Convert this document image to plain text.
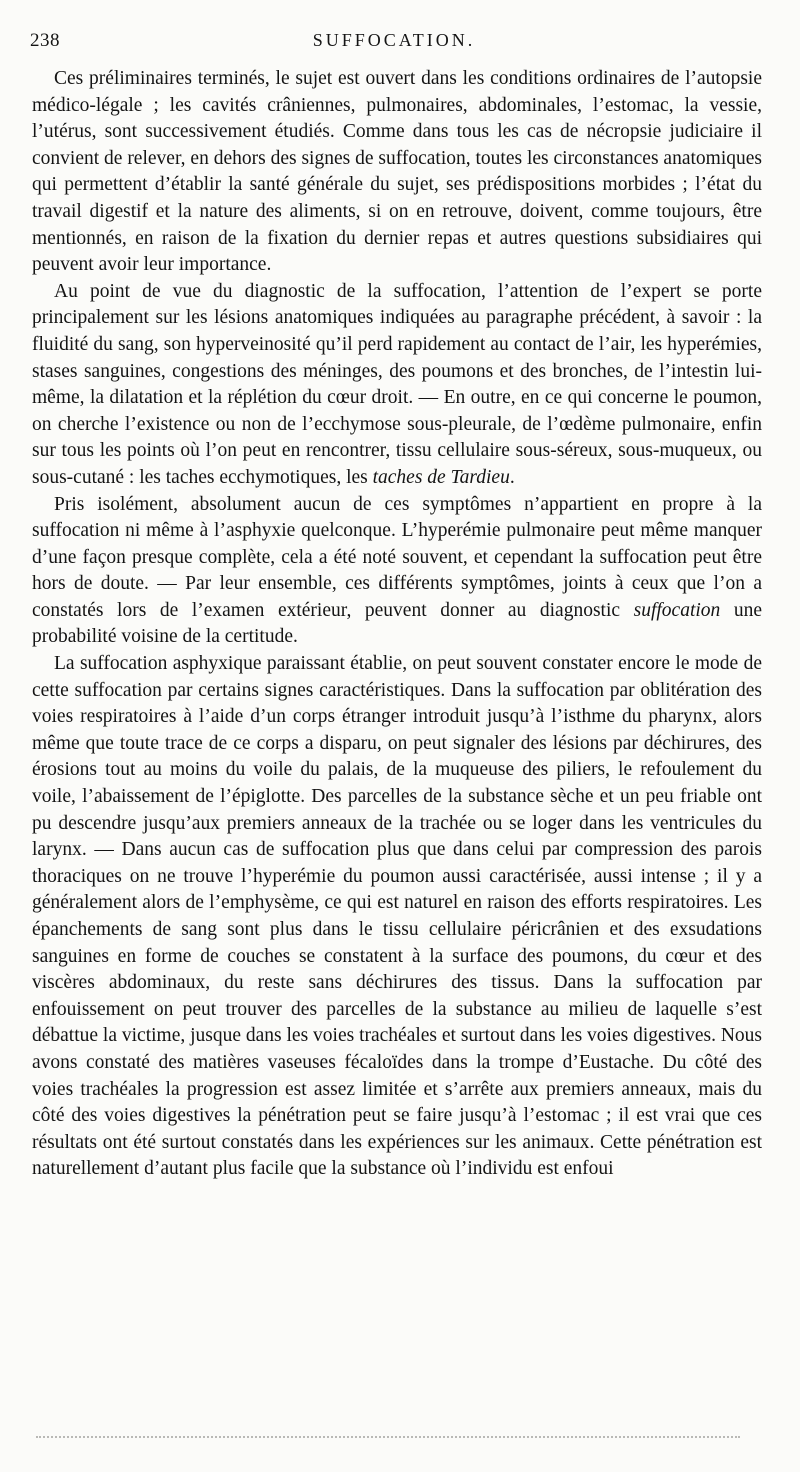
238	SUFFOCATION.

Ces préliminaires terminés, le sujet est ouvert dans les conditions ordinaires de l’autopsie médico-légale ; les cavités crâniennes, pulmonaires, abdominales, l’estomac, la vessie, l’utérus, sont successivement étudiés. Comme dans tous les cas de nécropsie judiciaire il convient de relever, en dehors des signes de suffocation, toutes les circonstances anatomiques qui permettent d’établir la santé générale du sujet, ses prédispositions morbides ; l’état du travail digestif et la nature des aliments, si on en retrouve, doivent, comme toujours, être mentionnés, en raison de la fixation du dernier repas et autres questions subsidiaires qui peuvent avoir leur importance.

Au point de vue du diagnostic de la suffocation, l’attention de l’expert se porte principalement sur les lésions anatomiques indiquées au paragraphe précédent, à savoir : la fluidité du sang, son hyperveinosité qu’il perd rapidement au contact de l’air, les hyperémies, stases sanguines, congestions des méninges, des poumons et des bronches, de l’intestin lui-même, la dilatation et la réplétion du cœur droit. — En outre, en ce qui concerne le poumon, on cherche l’existence ou non de l’ecchymose sous-pleurale, de l’œdème pulmonaire, enfin sur tous les points où l’on peut en rencontrer, tissu cellulaire sous-séreux, sous-muqueux, ou sous-cutané : les taches ecchymotiques, les taches de Tardieu.

Pris isolément, absolument aucun de ces symptômes n’appartient en propre à la suffocation ni même à l’asphyxie quelconque. L’hyperémie pulmonaire peut même manquer d’une façon presque complète, cela a été noté souvent, et cependant la suffocation peut être hors de doute. — Par leur ensemble, ces différents symptômes, joints à ceux que l’on a constatés lors de l’examen extérieur, peuvent donner au diagnostic suffocation une probabilité voisine de la certitude.

La suffocation asphyxique paraissant établie, on peut souvent constater encore le mode de cette suffocation par certains signes caractéristiques. Dans la suffocation par oblitération des voies respiratoires à l’aide d’un corps étranger introduit jusqu’à l’isthme du pharynx, alors même que toute trace de ce corps a disparu, on peut signaler des lésions par déchirures, des érosions tout au moins du voile du palais, de la muqueuse des piliers, le refoulement du voile, l’abaissement de l’épiglotte. Des parcelles de la substance sèche et un peu friable ont pu descendre jusqu’aux premiers anneaux de la trachée ou se loger dans les ventricules du larynx. — Dans aucun cas de suffocation plus que dans celui par compression des parois thoraciques on ne trouve l’hyperémie du poumon aussi caractérisée, aussi intense ; il y a généralement alors de l’emphysème, ce qui est naturel en raison des efforts respiratoires. Les épanchements de sang sont plus dans le tissu cellulaire péricrânien et des exsudations sanguines en forme de couches se constatent à la surface des poumons, du cœur et des viscères abdominaux, du reste sans déchirures des tissus. Dans la suffocation par enfouissement on peut trouver des parcelles de la substance au milieu de laquelle s’est débattue la victime, jusque dans les voies trachéales et surtout dans les voies digestives. Nous avons constaté des matières vaseuses fécaloïdes dans la trompe d’Eustache. Du côté des voies trachéales la progression est assez limitée et s’arrête aux premiers anneaux, mais du côté des voies digestives la pénétration peut se faire jusqu’à l’estomac ; il est vrai que ces résultats ont été surtout constatés dans les expériences sur les animaux. Cette pénétration est naturellement d’autant plus facile que la substance où l’individu est enfoui
